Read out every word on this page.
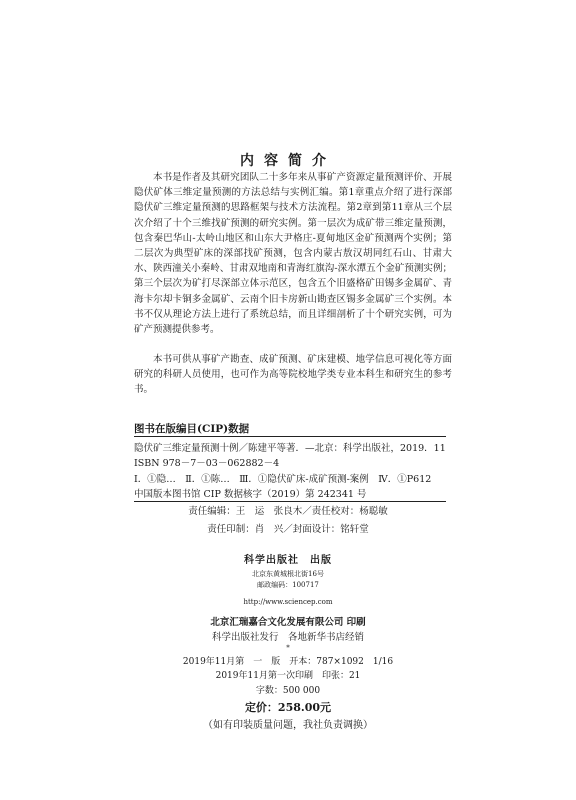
内容简介

本书是作者及其研究团队二十多年来从事矿产资源定量预测评价、开展隐伏矿体三维定量预测的方法总结与实例汇编。第1章重点介绍了进行深部隐伏矿三维定量预测的思路框架与技术方法流程。第2章到第11章从三个层次介绍了十个三维找矿预测的研究实例。第一层次为成矿带三维定量预测，包含秦巴华山-太岭山地区和山东大尹格庄-夏甸地区金矿预测两个实例；第二层次为典型矿床的深部找矿预测，包含内蒙古敖汉胡同红石山、甘肃大水、陕西潼关小秦岭、甘肃双地南和青海红旗沟-深水潭五个金矿预测实例；第三个层次为矿打尽深部立体示范区，包含五个旧盛格矿田锡多金属矿、青海卡尔却卡铜多金属矿、云南个旧卡房新山勘查区锡多金属矿三个实例。本书不仅从理论方法上进行了系统总结，而且详细剖析了十个研究实例，可为矿产预测提供参考。

本书可供从事矿产勘查、成矿预测、矿床建模、地学信息可视化等方面研究的科研人员使用，也可作为高等院校地学类专业本科生和研究生的参考书。

图书在版编目(CIP)数据
隐伏矿三维定量预测十例／陈建平等著．—北京：科学出版社，2019．11
ISBN 978－7－03－062882－4
Ⅰ．①隐…　Ⅱ．①陈…　Ⅲ．①隐伏矿床-成矿预测-案例　Ⅳ．①P612
中国版本图书馆 CIP 数据核字（2019）第 242341 号
责任编辑：王　运　张良木／责任校对：杨聪敏
责任印制：肖　兴／封面设计：铭轩堂
科学出版社　出版
北京东黄城根北街16号
邮政编码：100717
http://www.sciencep.com
北京汇瑞嘉合文化发展有限公司 印刷
科学出版社发行　各地新华书店经销
*
2019年11月第　一　版　开本：787×1092　1/16
2019年11月第一次印刷　印张：21
字数：500 000
定价：258.00元
（如有印装质量问题，我社负责调换）
